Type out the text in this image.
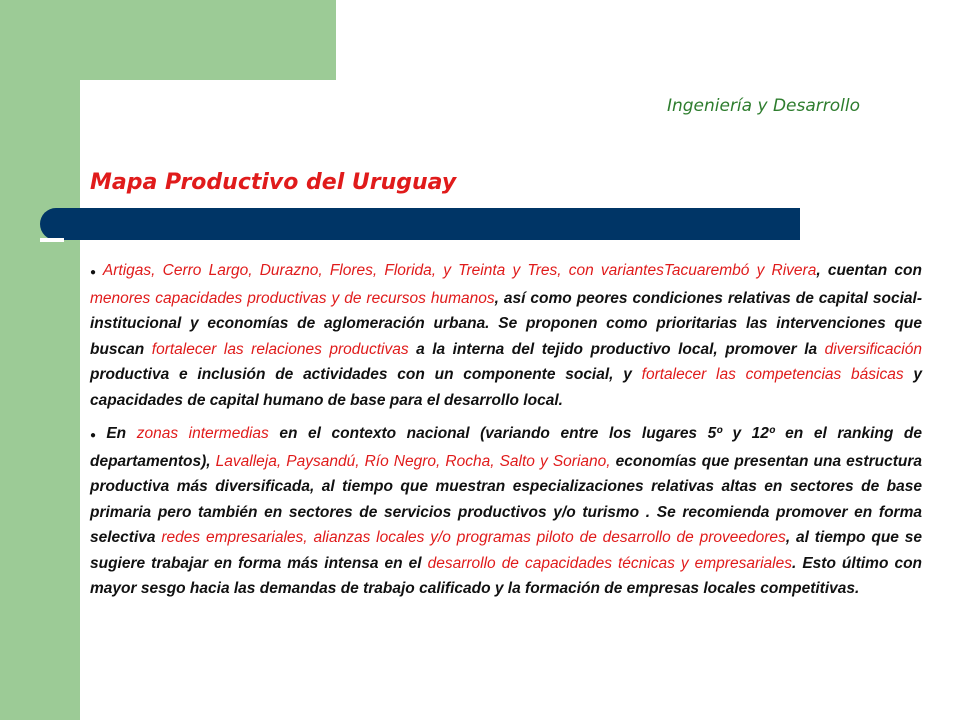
Ingeniería y Desarrollo
Mapa Productivo del Uruguay

● Artigas, Cerro Largo, Durazno, Flores, Florida, y Treinta y Tres, con variantesTacuarembó y Rivera, cuentan con menores capacidades productivas y de recursos humanos, así como peores condiciones relativas de capital social-institucional y economías de aglomeración urbana. Se proponen como prioritarias las intervenciones que buscan fortalecer las relaciones productivas a la interna del tejido productivo local, promover la diversificación productiva e inclusión de actividades con un componente social, y fortalecer las competencias básicas y capacidades de capital humano de base para el desarrollo local.

● En zonas intermedias en el contexto nacional (variando entre los lugares 5º y 12º en el ranking de departamentos), Lavalleja, Paysandú, Río Negro, Rocha, Salto y Soriano, economías que presentan una estructura productiva más diversificada, al tiempo que muestran especializaciones relativas altas en sectores de base primaria pero también en sectores de servicios productivos y/o turismo . Se recomienda promover en forma selectiva redes empresariales, alianzas locales y/o programas piloto de desarrollo de proveedores, al tiempo que se sugiere trabajar en forma más intensa en el desarrollo de capacidades técnicas y empresariales. Esto último con mayor sesgo hacia las demandas de trabajo calificado y la formación de empresas locales competitivas.
